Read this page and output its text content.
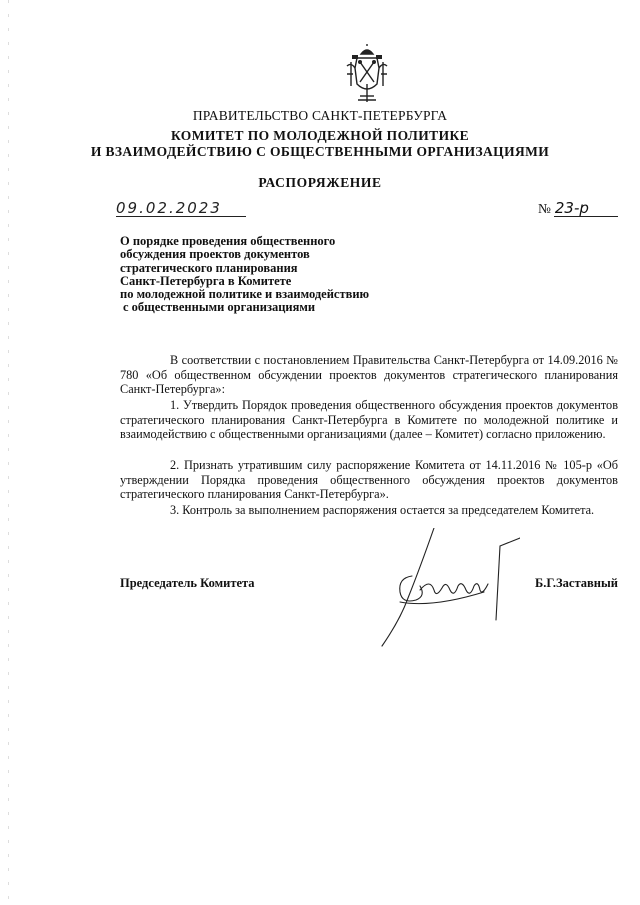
ПРАВИТЕЛЬСТВО САНКТ-ПЕТЕРБУРГА
КОМИТЕТ ПО МОЛОДЕЖНОЙ ПОЛИТИКЕ
И ВЗАИМОДЕЙСТВИЮ С ОБЩЕСТВЕННЫМИ ОРГАНИЗАЦИЯМИ
РАСПОРЯЖЕНИЕ
09.02.2023	№ 23-р
О порядке проведения общественного
обсуждения проектов документов
стратегического планирования
Санкт-Петербурга в Комитете
по молодежной политике и взаимодействию
с общественными организациями
В соответствии с постановлением Правительства Санкт-Петербурга от 14.09.2016 № 780 «Об общественном обсуждении проектов документов стратегического планирования Санкт-Петербурга»:
1. Утвердить Порядок проведения общественного обсуждения проектов документов стратегического планирования Санкт-Петербурга в Комитете по молодежной политике и взаимодействию с общественными организациями (далее – Комитет) согласно приложению.
2. Признать утратившим силу распоряжение Комитета от 14.11.2016 № 105-р «Об утверждении Порядка проведения общественного обсуждения проектов документов стратегического планирования Санкт-Петербурга».
3. Контроль за выполнением распоряжения остается за председателем Комитета.
Председатель Комитета	Б.Г.Заставный
